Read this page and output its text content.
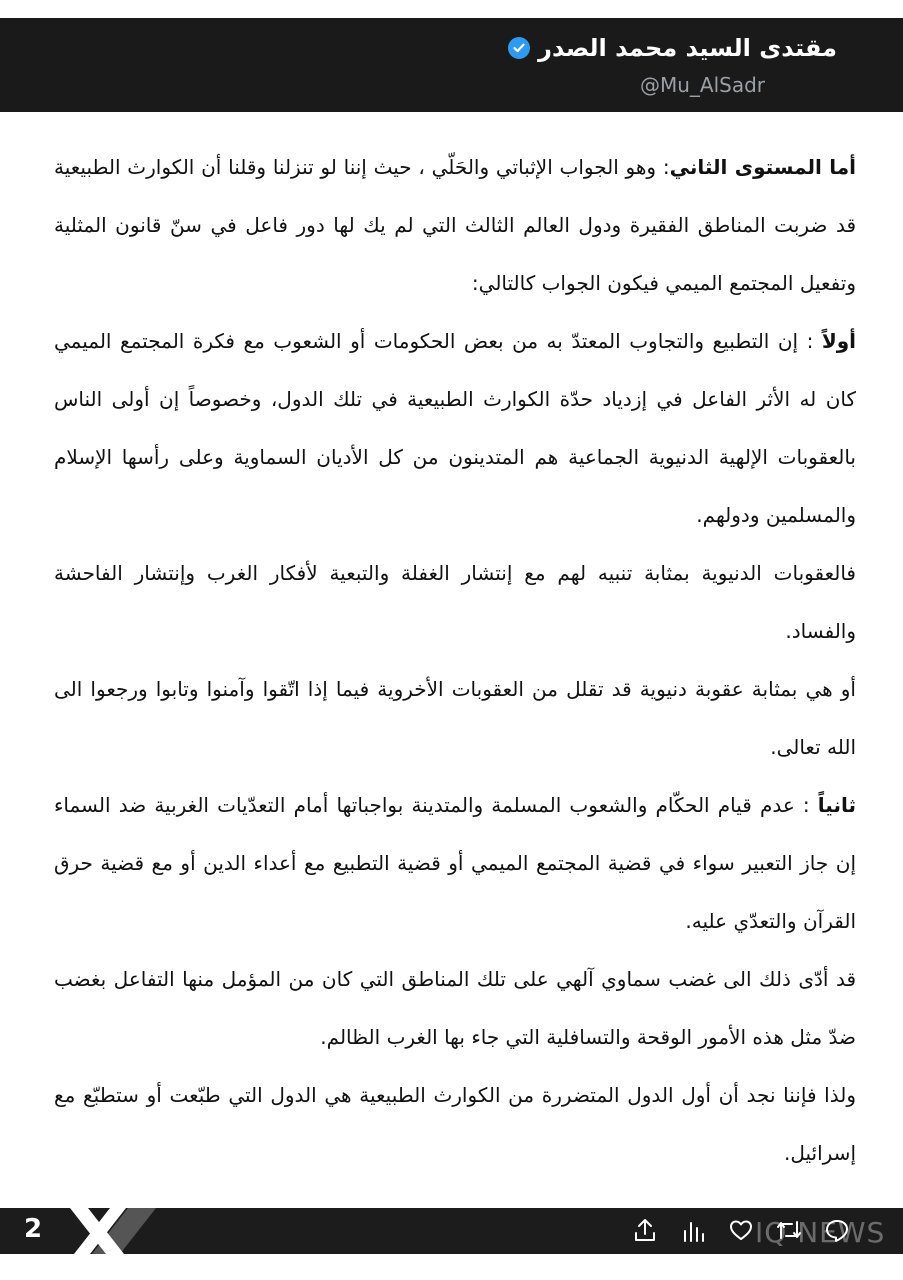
مقتدى السيد محمد الصدر
@Mu_AlSadr

أما المستوى الثاني: وهو الجواب الإثباتي والحَلّي ، حيث إننا لو تنزلنا وقلنا أن الكوارث الطبيعية قد ضربت المناطق الفقيرة ودول العالم الثالث التي لم يك لها دور فاعل في سنّ قانون المثلية وتفعيل المجتمع الميمي فيكون الجواب كالتالي:

أولاً : إن التطبيع والتجاوب المعتدّ به من بعض الحكومات أو الشعوب مع فكرة المجتمع الميمي كان له الأثر الفاعل في إزدياد حدّة الكوارث الطبيعية في تلك الدول، وخصوصاً إن أولى الناس بالعقوبات الإلهية الدنيوية الجماعية هم المتدينون من كل الأديان السماوية وعلى رأسها الإسلام والمسلمين ودولهم.

فالعقوبات الدنيوية بمثابة تنبيه لهم مع إنتشار الغفلة والتبعية لأفكار الغرب وإنتشار الفاحشة والفساد.

أو هي بمثابة عقوبة دنيوية قد تقلل من العقوبات الأخروية فيما إذا اتّقوا وآمنوا وتابوا ورجعوا الى الله تعالى.

ثانياً : عدم قيام الحكّام والشعوب المسلمة والمتدينة بواجباتها أمام التعدّيات الغربية ضد السماء إن جاز التعبير سواء في قضية المجتمع الميمي أو قضية التطبيع مع أعداء الدين أو مع قضية حرق القرآن والتعدّي عليه.

قد أدّى ذلك الى غضب سماوي آلهي على تلك المناطق التي كان من المؤمل منها التفاعل بغضب ضدّ مثل هذه الأمور الوقحة والتسافلية التي جاء بها الغرب الظالم.

ولذا فإننا نجد أن أول الدول المتضررة من الكوارث الطبيعية هي الدول التي طبّعت أو ستطبّع مع إسرائيل.

2	IQ NEWS
